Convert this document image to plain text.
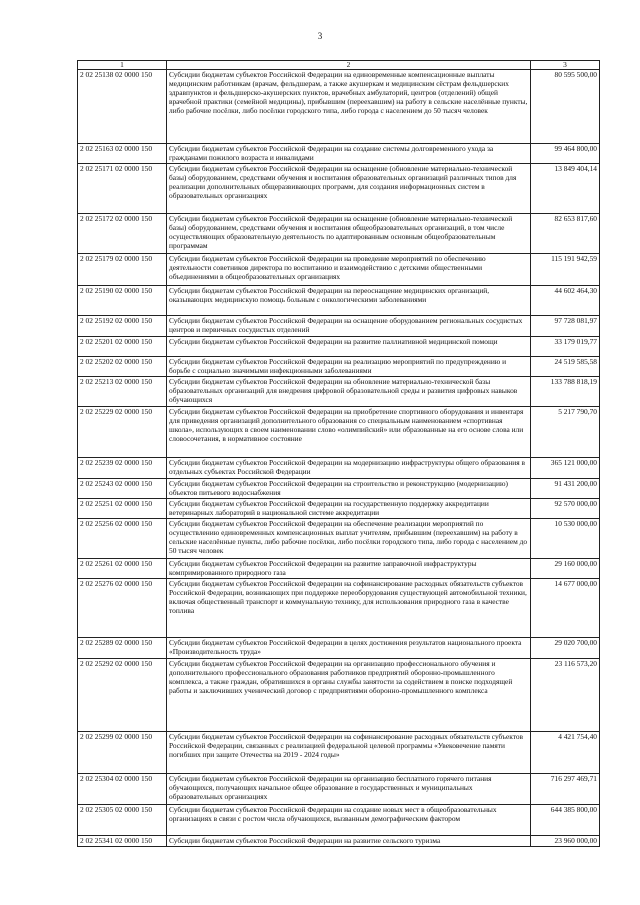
3
1	2	3
2 02 25138 02 0000 150	Субсидии бюджетам субъектов Российской Федерации на единовременные компенсационные выплаты медицинским работникам (врачам, фельдшерам, а также акушеркам и медицинским сёстрам фельдшерских здравпунктов и фельдшерско-акушерских пунктов, врачебных амбулаторий, центров (отделений) общей врачебной практики (семейной медицины), прибывшим (переехавшим) на работу в сельские населённые пункты, либо рабочие посёлки, либо посёлки городского типа, либо города с населением до 50 тысяч человек	80 595 500,00
2 02 25163 02 0000 150	Субсидии бюджетам субъектов Российской Федерации на создание системы долговременного ухода за гражданами пожилого возраста и инвалидами	99 464 800,00
2 02 25171 02 0000 150	Субсидии бюджетам субъектов Российской Федерации на оснащение (обновление материально-технической базы) оборудованием, средствами обучения и воспитания образовательных организаций различных типов для реализации дополнительных общеразвивающих программ, для создания информационных систем в образовательных организациях	13 849 404,14
2 02 25172 02 0000 150	Субсидии бюджетам субъектов Российской Федерации на оснащение (обновление материально-технической базы) оборудованием, средствами обучения и воспитания общеобразовательных организаций, в том числе осуществляющих образовательную деятельность по адаптированным основным общеобразовательным программам	82 653 817,60
2 02 25179 02 0000 150	Субсидии бюджетам субъектов Российской Федерации на проведение мероприятий по обеспечению деятельности советников директора по воспитанию и взаимодействию с детскими общественными объединениями в общеобразовательных организациях	115 191 942,59
2 02 25190 02 0000 150	Субсидии бюджетам субъектов Российской Федерации на переоснащение медицинских организаций, оказывающих медицинскую помощь больным с онкологическими заболеваниями	44 602 464,30
2 02 25192 02 0000 150	Субсидии бюджетам субъектов Российской Федерации на оснащение оборудованием региональных сосудистых центров и первичных сосудистых отделений	97 728 081,97
2 02 25201 02 0000 150	Субсидии бюджетам субъектов Российской Федерации на развитие паллиативной медицинской помощи	33 179 019,77
2 02 25202 02 0000 150	Субсидии бюджетам субъектов Российской Федерации на реализацию мероприятий по предупреждению и борьбе с социально значимыми инфекционными заболеваниями	24 519 585,58
2 02 25213 02 0000 150	Субсидии бюджетам субъектов Российской Федерации на обновление материально-технической базы образовательных организаций для внедрения цифровой образовательной среды и развития цифровых навыков обучающихся	133 788 818,19
2 02 25229 02 0000 150	Субсидии бюджетам субъектов Российской Федерации на приобретение спортивного оборудования и инвентаря для приведения организаций дополнительного образования со специальным наименованием «спортивная школа», использующих в своем наименовании слово «олимпийский» или образованные на его основе слова или словосочетания, в нормативное состояние	5 217 790,70
2 02 25239 02 0000 150	Субсидии бюджетам субъектов Российской Федерации на модернизацию инфраструктуры общего образования в отдельных субъектах Российской Федерации	365 121 000,00
2 02 25243 02 0000 150	Субсидии бюджетам субъектов Российской Федерации на строительство и реконструкцию (модернизацию) объектов питьевого водоснабжения	91 431 200,00
2 02 25251 02 0000 150	Субсидии бюджетам субъектов Российской Федерации на государственную поддержку аккредитации ветеринарных лабораторий в национальной системе аккредитации	92 570 000,00
2 02 25256 02 0000 150	Субсидии бюджетам субъектов Российской Федерации на обеспечение реализации мероприятий по осуществлению единовременных компенсационных выплат учителям, прибывшим (переехавшим) на работу в сельские населённые пункты, либо рабочие посёлки, либо посёлки городского типа, либо города с населением до 50 тысяч человек	10 530 000,00
2 02 25261 02 0000 150	Субсидии бюджетам субъектов Российской Федерации на развитие заправочной инфраструктуры компримированного природного газа	29 160 000,00
2 02 25276 02 0000 150	Субсидии бюджетам субъектов Российской Федерации на софинансирование расходных обязательств субъектов Российской Федерации, возникающих при поддержке переоборудования существующей автомобильной техники, включая общественный транспорт и коммунальную технику, для использования природного газа в качестве топлива	14 677 000,00
2 02 25289 02 0000 150	Субсидии бюджетам субъектов Российской Федерации в целях достижения результатов национального проекта «Производительность труда»	29 020 700,00
2 02 25292 02 0000 150	Субсидии бюджетам субъектов Российской Федерации на организацию профессионального обучения и дополнительного профессионального образования работников предприятий оборонно-промышленного комплекса, а также граждан, обратившихся в органы службы занятости за содействием в поиске подходящей работы и заключивших ученический договор с предприятиями оборонно-промышленного комплекса	23 116 573,20
2 02 25299 02 0000 150	Субсидии бюджетам субъектов Российской Федерации на софинансирование расходных обязательств субъектов Российской Федерации, связанных с реализацией федеральной целевой программы «Увековечение памяти погибших при защите Отечества на 2019 - 2024 годы»	4 421 754,40
2 02 25304 02 0000 150	Субсидии бюджетам субъектов Российской Федерации на организацию бесплатного горячего питания обучающихся, получающих начальное общее образование в государственных и муниципальных образовательных организациях	716 297 469,71
2 02 25305 02 0000 150	Субсидии бюджетам субъектов Российской Федерации на создание новых мест в общеобразовательных организациях в связи с ростом числа обучающихся, вызванным демографическим фактором	644 385 800,00
2 02 25341 02 0000 150	Субсидии бюджетам субъектов Российской Федерации на развитие сельского туризма	23 960 000,00
